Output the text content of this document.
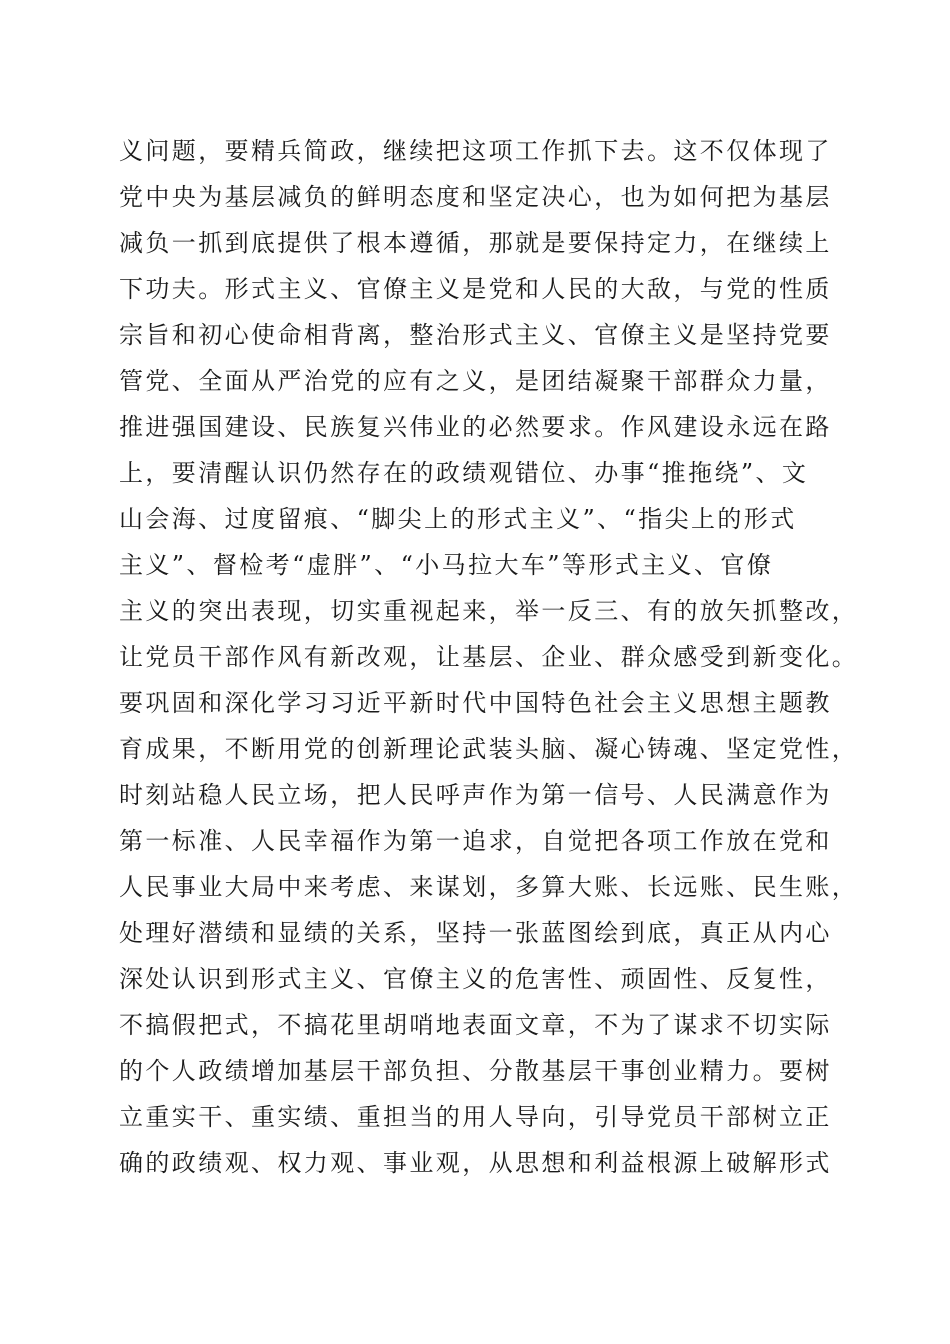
义问题，要精兵简政，继续把这项工作抓下去。这不仅体现了
党中央为基层减负的鲜明态度和坚定决心，也为如何把为基层
减负一抓到底提供了根本遵循，那就是要保持定力，在继续上
下功夫。形式主义、官僚主义是党和人民的大敌，与党的性质
宗旨和初心使命相背离，整治形式主义、官僚主义是坚持党要
管党、全面从严治党的应有之义，是团结凝聚干部群众力量，
推进强国建设、民族复兴伟业的必然要求。作风建设永远在路
上，要清醒认识仍然存在的政绩观错位、办事“推拖绕”、文
山会海、过度留痕、“脚尖上的形式主义”、“指尖上的形式
主义”、督检考“虚胖”、“小马拉大车”等形式主义、官僚
主义的突出表现，切实重视起来，举一反三、有的放矢抓整改，
让党员干部作风有新改观，让基层、企业、群众感受到新变化。
要巩固和深化学习习近平新时代中国特色社会主义思想主题教
育成果，不断用党的创新理论武装头脑、凝心铸魂、坚定党性，
时刻站稳人民立场，把人民呼声作为第一信号、人民满意作为
第一标准、人民幸福作为第一追求，自觉把各项工作放在党和
人民事业大局中来考虑、来谋划，多算大账、长远账、民生账，
处理好潜绩和显绩的关系，坚持一张蓝图绘到底，真正从内心
深处认识到形式主义、官僚主义的危害性、顽固性、反复性，
不搞假把式，不搞花里胡哨地表面文章，不为了谋求不切实际
的个人政绩增加基层干部负担、分散基层干事创业精力。要树
立重实干、重实绩、重担当的用人导向，引导党员干部树立正
确的政绩观、权力观、事业观，从思想和利益根源上破解形式
